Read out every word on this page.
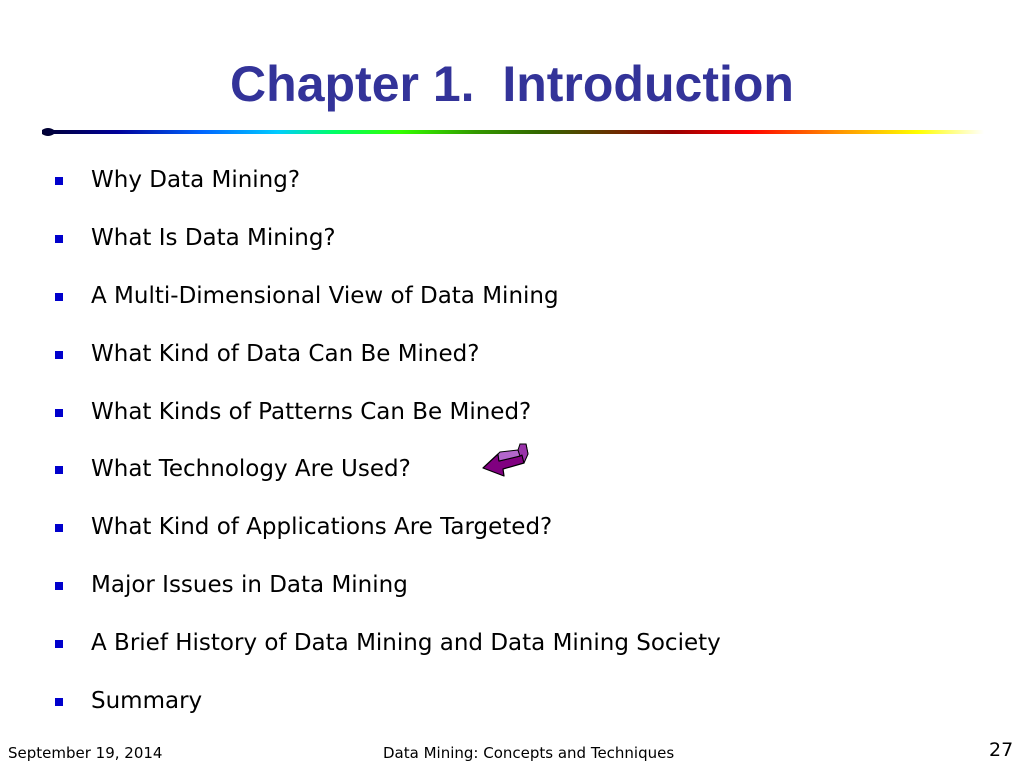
Chapter 1.  Introduction
Why Data Mining?
What Is Data Mining?
A Multi-Dimensional View of Data Mining
What Kind of Data Can Be Mined?
What Kinds of Patterns Can Be Mined?
What Technology Are Used?
What Kind of Applications Are Targeted?
Major Issues in Data Mining
A Brief History of Data Mining and Data Mining Society
Summary
September 19, 2014	Data Mining: Concepts and Techniques	27
